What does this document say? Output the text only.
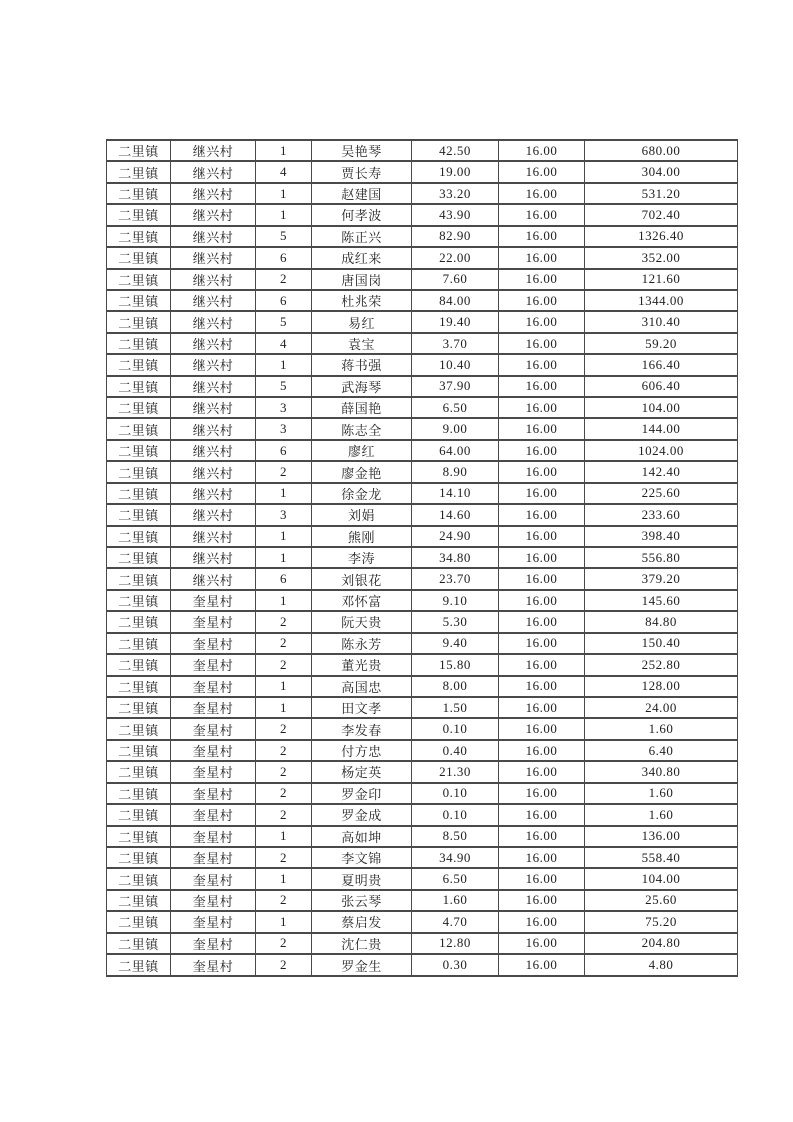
二里镇	继兴村	1	吴艳琴	42.50	16.00	680.00
二里镇	继兴村	4	贾长寿	19.00	16.00	304.00
二里镇	继兴村	1	赵建国	33.20	16.00	531.20
二里镇	继兴村	1	何孝波	43.90	16.00	702.40
二里镇	继兴村	5	陈正兴	82.90	16.00	1326.40
二里镇	继兴村	6	成红来	22.00	16.00	352.00
二里镇	继兴村	2	唐国岗	7.60	16.00	121.60
二里镇	继兴村	6	杜兆荣	84.00	16.00	1344.00
二里镇	继兴村	5	易红	19.40	16.00	310.40
二里镇	继兴村	4	袁宝	3.70	16.00	59.20
二里镇	继兴村	1	蒋书强	10.40	16.00	166.40
二里镇	继兴村	5	武海琴	37.90	16.00	606.40
二里镇	继兴村	3	薛国艳	6.50	16.00	104.00
二里镇	继兴村	3	陈志全	9.00	16.00	144.00
二里镇	继兴村	6	廖红	64.00	16.00	1024.00
二里镇	继兴村	2	廖金艳	8.90	16.00	142.40
二里镇	继兴村	1	徐金龙	14.10	16.00	225.60
二里镇	继兴村	3	刘娟	14.60	16.00	233.60
二里镇	继兴村	1	熊刚	24.90	16.00	398.40
二里镇	继兴村	1	李涛	34.80	16.00	556.80
二里镇	继兴村	6	刘银花	23.70	16.00	379.20
二里镇	奎星村	1	邓怀富	9.10	16.00	145.60
二里镇	奎星村	2	阮天贵	5.30	16.00	84.80
二里镇	奎星村	2	陈永芳	9.40	16.00	150.40
二里镇	奎星村	2	董光贵	15.80	16.00	252.80
二里镇	奎星村	1	高国忠	8.00	16.00	128.00
二里镇	奎星村	1	田文孝	1.50	16.00	24.00
二里镇	奎星村	2	李发春	0.10	16.00	1.60
二里镇	奎星村	2	付方忠	0.40	16.00	6.40
二里镇	奎星村	2	杨定英	21.30	16.00	340.80
二里镇	奎星村	2	罗金印	0.10	16.00	1.60
二里镇	奎星村	2	罗金成	0.10	16.00	1.60
二里镇	奎星村	1	高如坤	8.50	16.00	136.00
二里镇	奎星村	2	李文锦	34.90	16.00	558.40
二里镇	奎星村	1	夏明贵	6.50	16.00	104.00
二里镇	奎星村	2	张云琴	1.60	16.00	25.60
二里镇	奎星村	1	蔡启发	4.70	16.00	75.20
二里镇	奎星村	2	沈仁贵	12.80	16.00	204.80
二里镇	奎星村	2	罗金生	0.30	16.00	4.80
